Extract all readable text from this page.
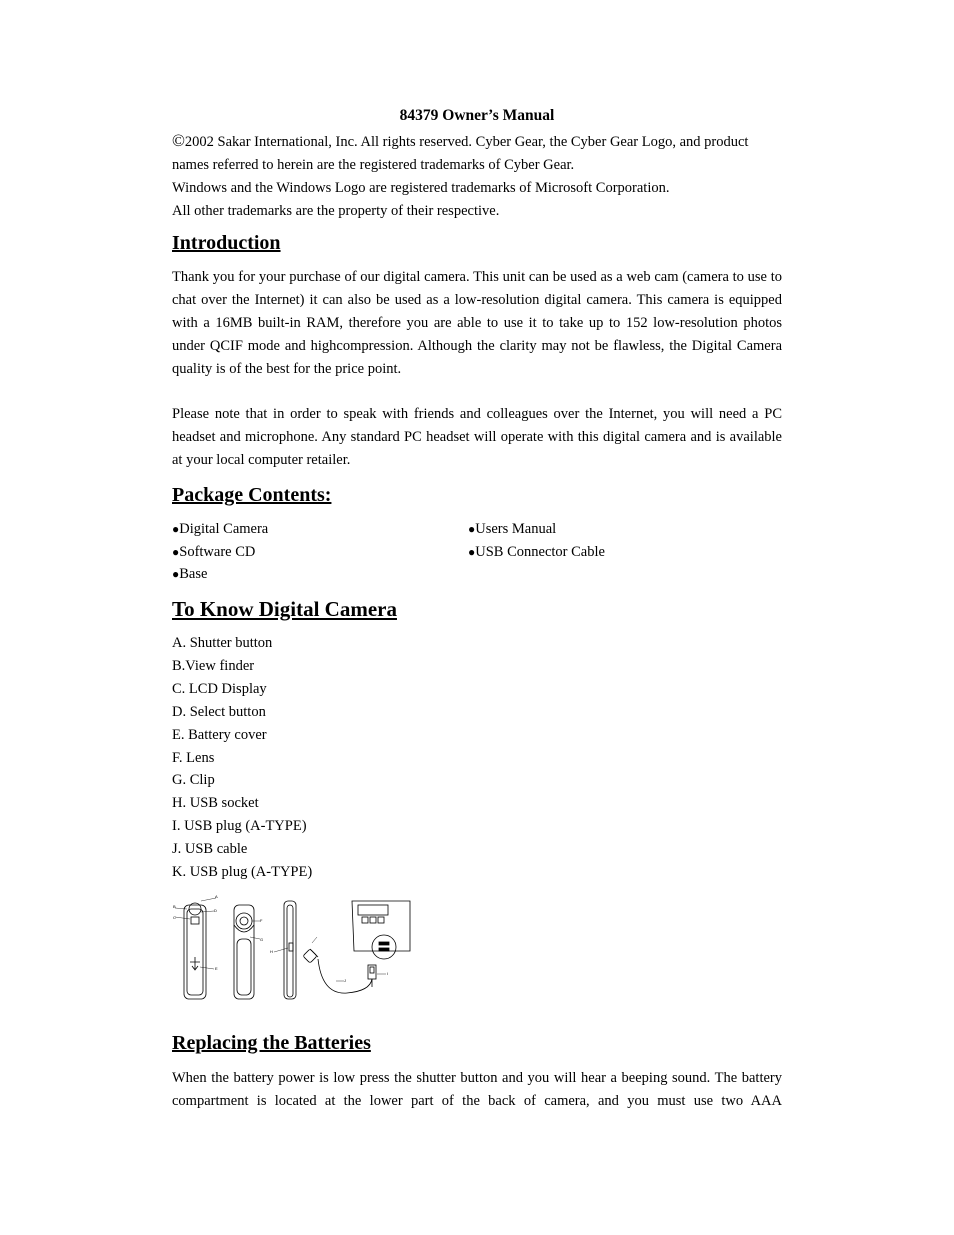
84379 Owner’s Manual

©2002 Sakar International, Inc. All rights reserved. Cyber Gear, the Cyber Gear Logo, and product

names referred to herein are the registered trademarks of Cyber Gear.

Windows and the Windows Logo are registered trademarks of Microsoft Corporation.

All other trademarks are the property of their respective.

Introduction

Thank you for your purchase of our digital camera. This unit can be used as a web cam (camera to use to chat over the Internet) it can also be used as a low-resolution digital camera. This camera is equipped with a 16MB built-in RAM, therefore you are able to use it to take up to 152 low-resolution photos under QCIF mode and highcompression. Although the clarity may not be flawless, the Digital Camera quality is of the best for the price point.

Please note that in order to speak with friends and colleagues over the Internet, you will need a PC headset and microphone. Any standard PC headset will operate with this digital camera and is available at your local computer retailer.

Package Contents:
●Digital Camera	●Users Manual
●Software CD	●USB Connector Cable
●Base
To Know Digital Camera
A. Shutter button
B.View finder
C. LCD Display
D. Select button
E. Battery cover
F. Lens
G. Clip
H. USB socket
I. USB plug (A-TYPE)
J. USB cable
K. USB plug (A-TYPE)
A
B
C
D
E
F
G
H
I
J
Replacing the Batteries

When the battery power is low press the shutter button and you will hear a beeping sound. The battery compartment is located at the lower part of the back of camera, and you must use two AAA
